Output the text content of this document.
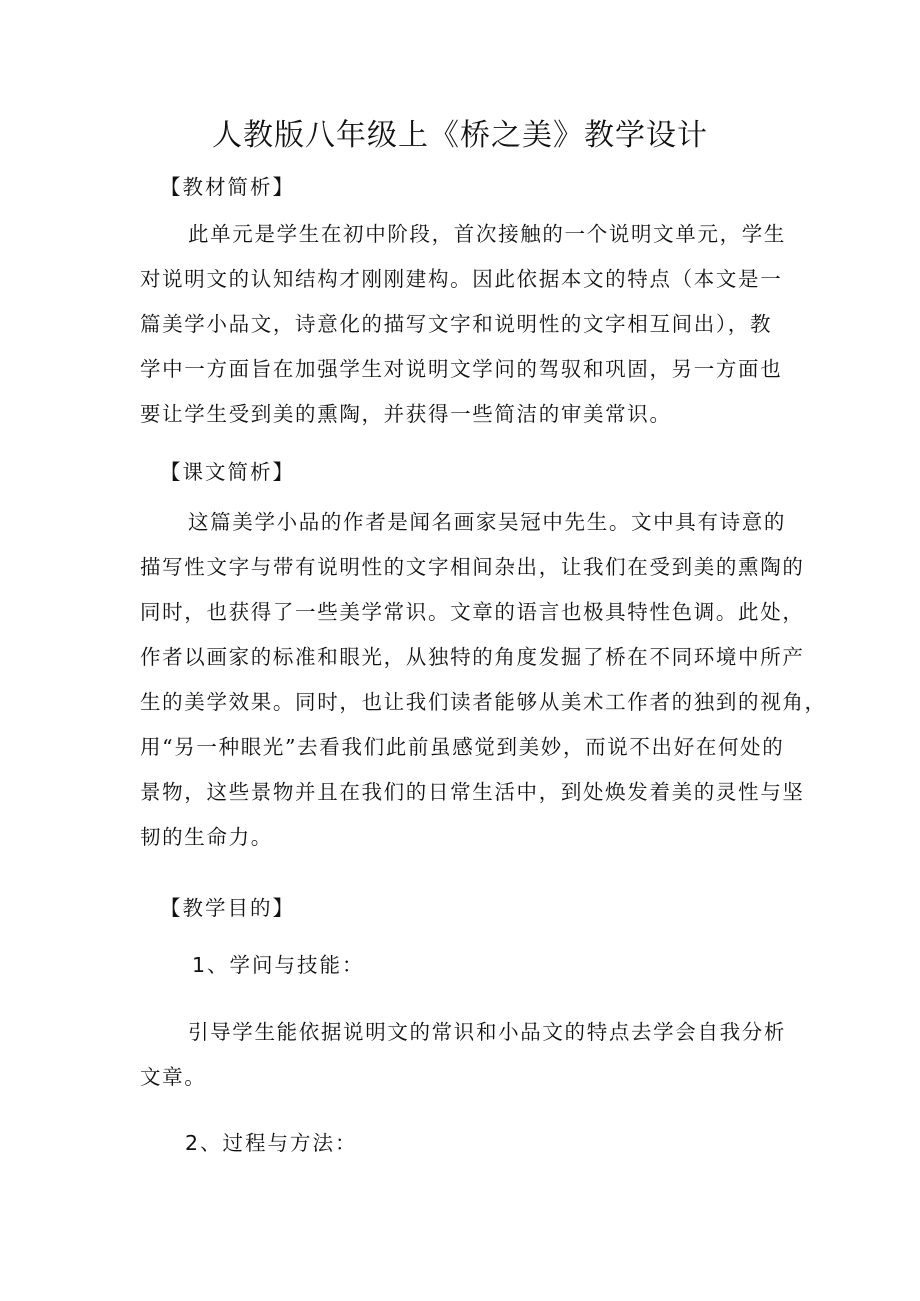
人教版八年级上《桥之美》教学设计
【教材简析】
此单元是学生在初中阶段，首次接触的一个说明文单元，学生
对说明文的认知结构才刚刚建构。因此依据本文的特点（本文是一
篇美学小品文，诗意化的描写文字和说明性的文字相互间出），教
学中一方面旨在加强学生对说明文学问的驾驭和巩固，另一方面也
要让学生受到美的熏陶，并获得一些简洁的审美常识。
【课文简析】
这篇美学小品的作者是闻名画家吴冠中先生。文中具有诗意的
描写性文字与带有说明性的文字相间杂出，让我们在受到美的熏陶的
同时，也获得了一些美学常识。文章的语言也极具特性色调。此处，
作者以画家的标准和眼光，从独特的角度发掘了桥在不同环境中所产
生的美学效果。同时，也让我们读者能够从美术工作者的独到的视角，
用“另一种眼光”去看我们此前虽感觉到美妙，而说不出好在何处的
景物，这些景物并且在我们的日常生活中，到处焕发着美的灵性与坚
韧的生命力。
【教学目的】
1、学问与技能：
引导学生能依据说明文的常识和小品文的特点去学会自我分析
文章。
2、过程与方法：
